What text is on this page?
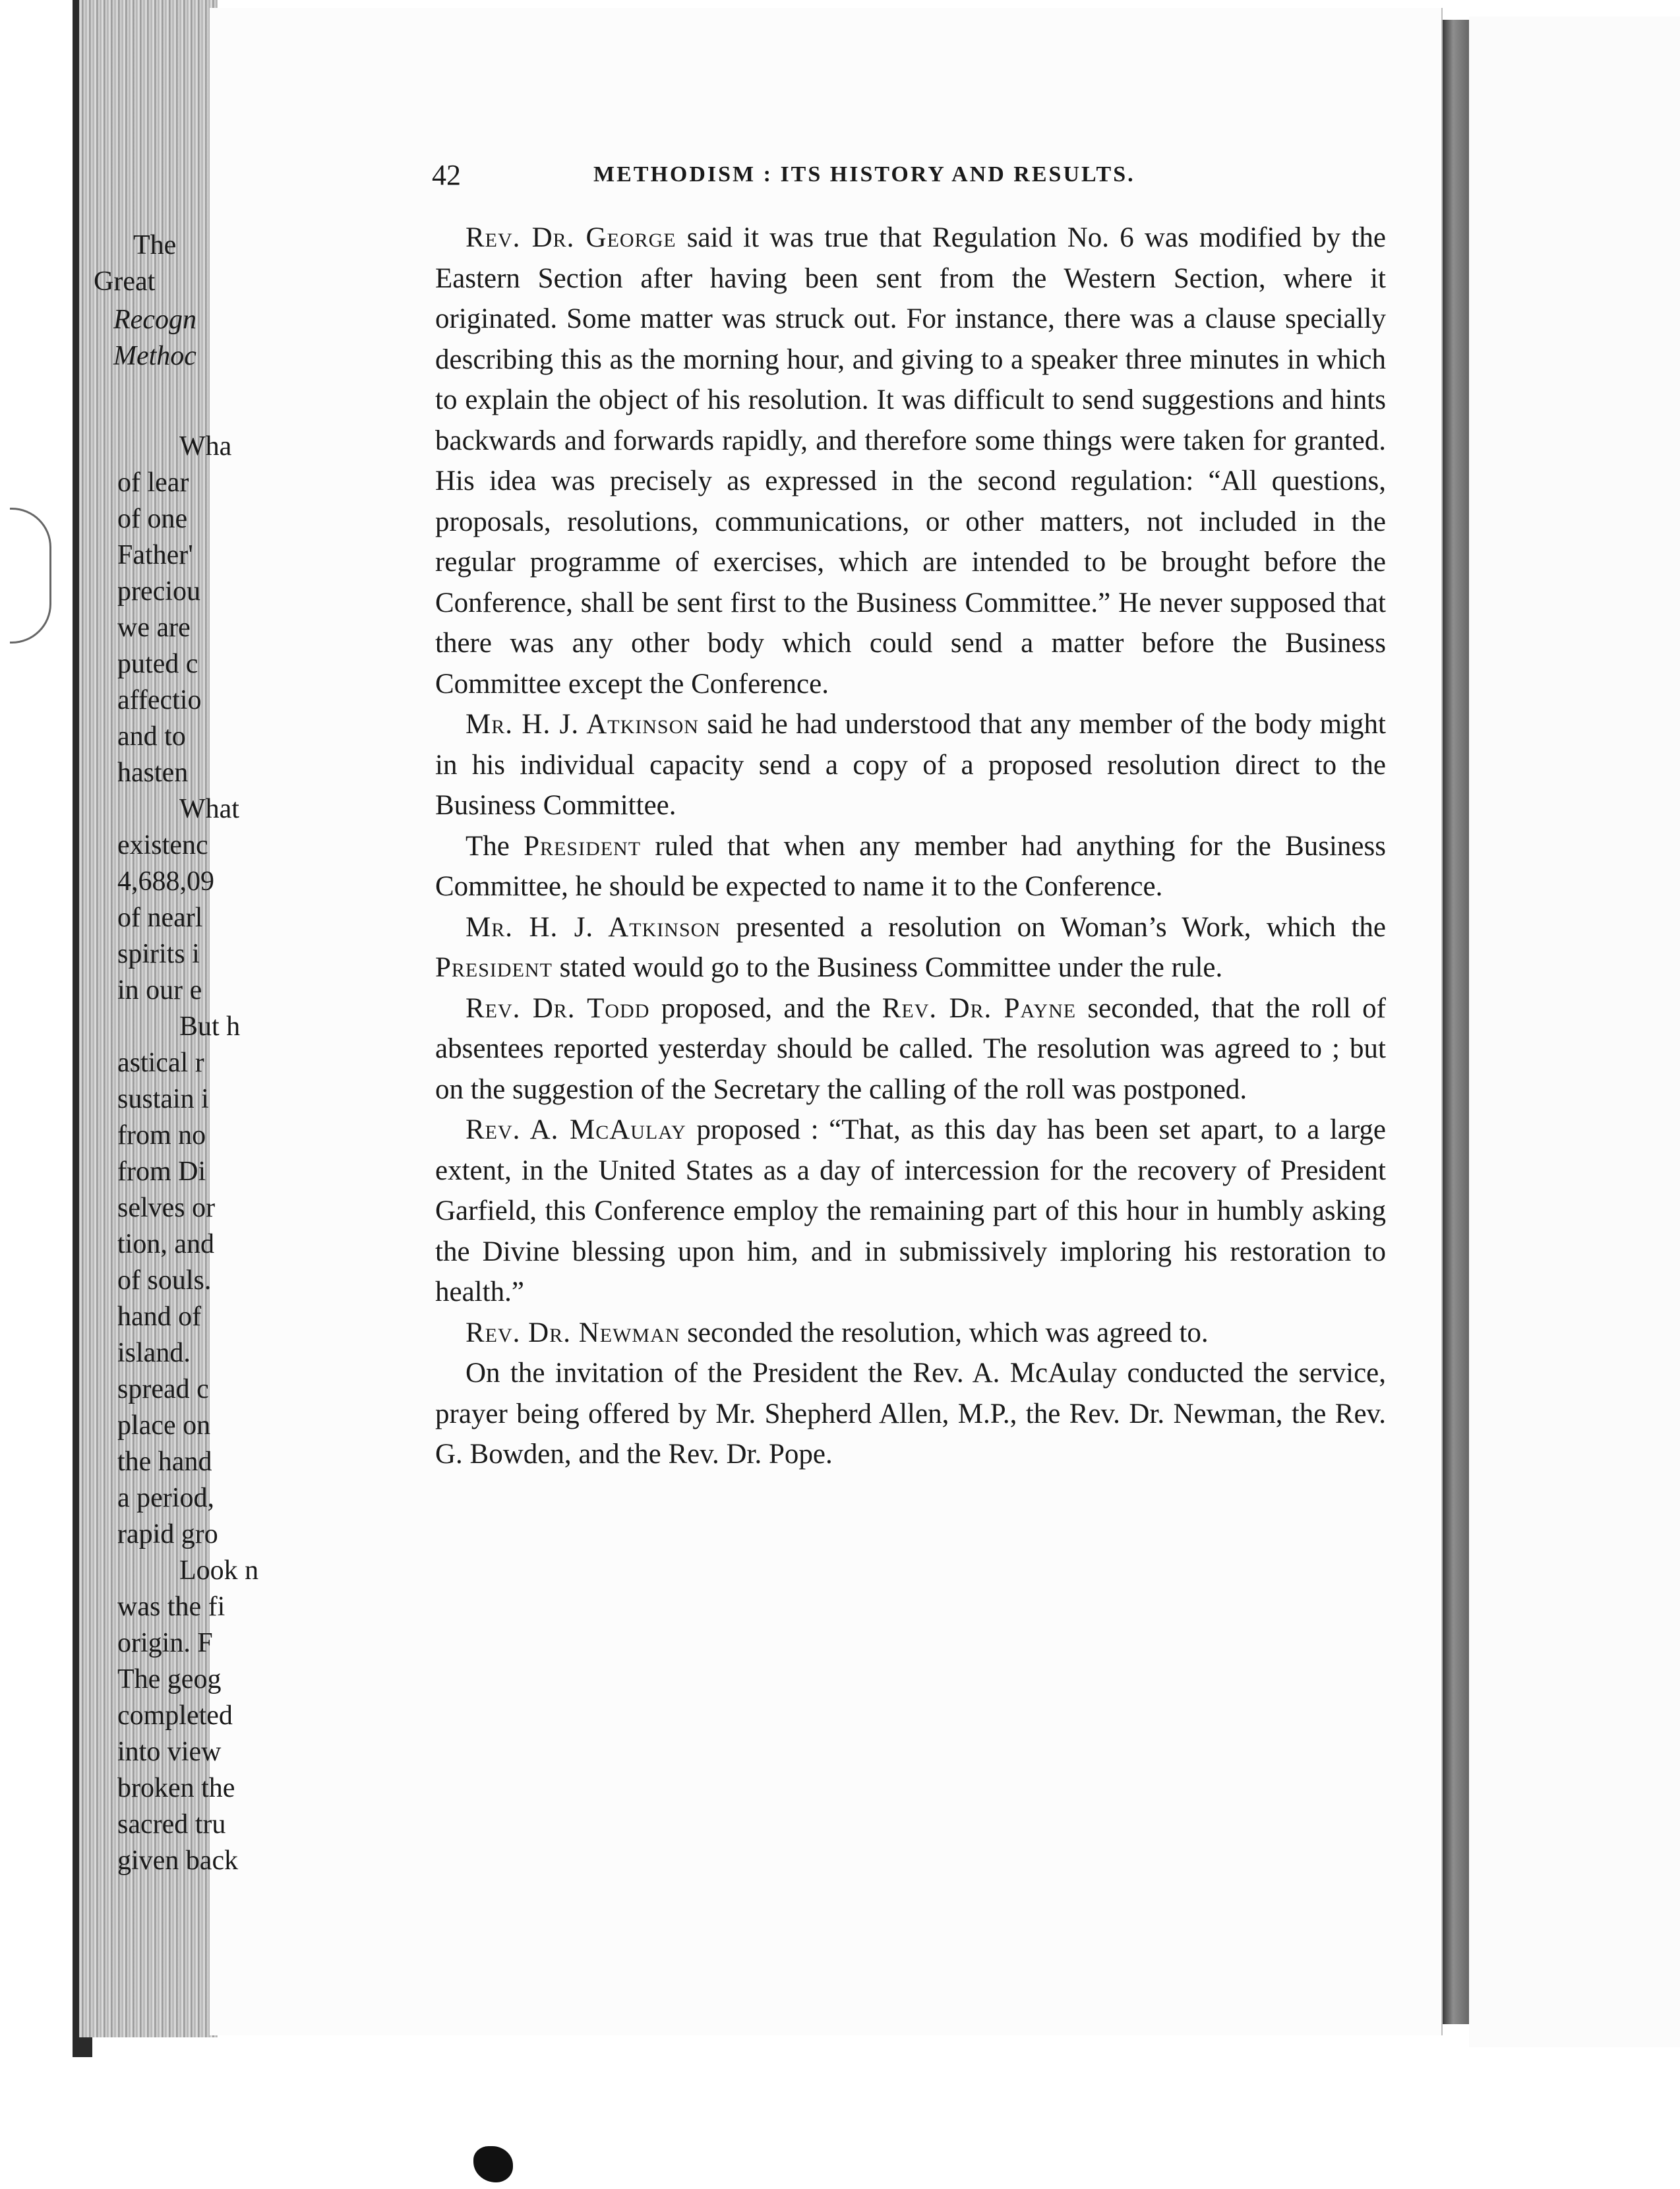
42	METHODISM : ITS HISTORY AND RESULTS.

Rev. Dr. George said it was true that Regulation No. 6 was modified by the Eastern Section after having been sent from the Western Section, where it originated. Some matter was struck out. For instance, there was a clause specially describing this as the morning hour, and giving to a speaker three minutes in which to explain the object of his resolution. It was difficult to send suggestions and hints backwards and forwards rapidly, and therefore some things were taken for granted. His idea was precisely as expressed in the second regulation: “All questions, proposals, resolutions, communications, or other matters, not included in the regular programme of exercises, which are intended to be brought before the Conference, shall be sent first to the Business Committee.” He never supposed that there was any other body which could send a matter before the Business Committee except the Conference.

Mr. H. J. Atkinson said he had understood that any member of the body might in his individual capacity send a copy of a proposed resolution direct to the Business Committee.

The President ruled that when any member had anything for the Business Committee, he should be expected to name it to the Conference.

Mr. H. J. Atkinson presented a resolution on Woman’s Work, which the President stated would go to the Business Committee under the rule.

Rev. Dr. Todd proposed, and the Rev. Dr. Payne seconded, that the roll of absentees reported yesterday should be called. The resolution was agreed to ; but on the suggestion of the Secretary the calling of the roll was postponed.

Rev. A. McAulay proposed : “That, as this day has been set apart, to a large extent, in the United States as a day of intercession for the recovery of President Garfield, this Conference employ the remaining part of this hour in humbly asking the Divine blessing upon him, and in submissively imploring his restoration to health.”

Rev. Dr. Newman seconded the resolution, which was agreed to.

On the invitation of the President the Rev. A. McAulay conducted the service, prayer being offered by Mr. Shepherd Allen, M.P., the Rev. Dr. Newman, the Rev. G. Bowden, and the Rev. Dr. Pope.

The
Great
Recogn
Methoc
Wha
of lear
of one
Father'
preciou
we are
puted c
affectio
and to
hasten
What
existenc
4,688,09
of nearl
spirits i
in our e
But h
astical r
sustain i
from no
from Di
selves or
tion, and
of souls.
hand of
island.
spread c
place on
the hand
a period,
rapid gro
Look n
was the fi
origin. F
The geog
completed
into view
broken the
sacred tru
given back
